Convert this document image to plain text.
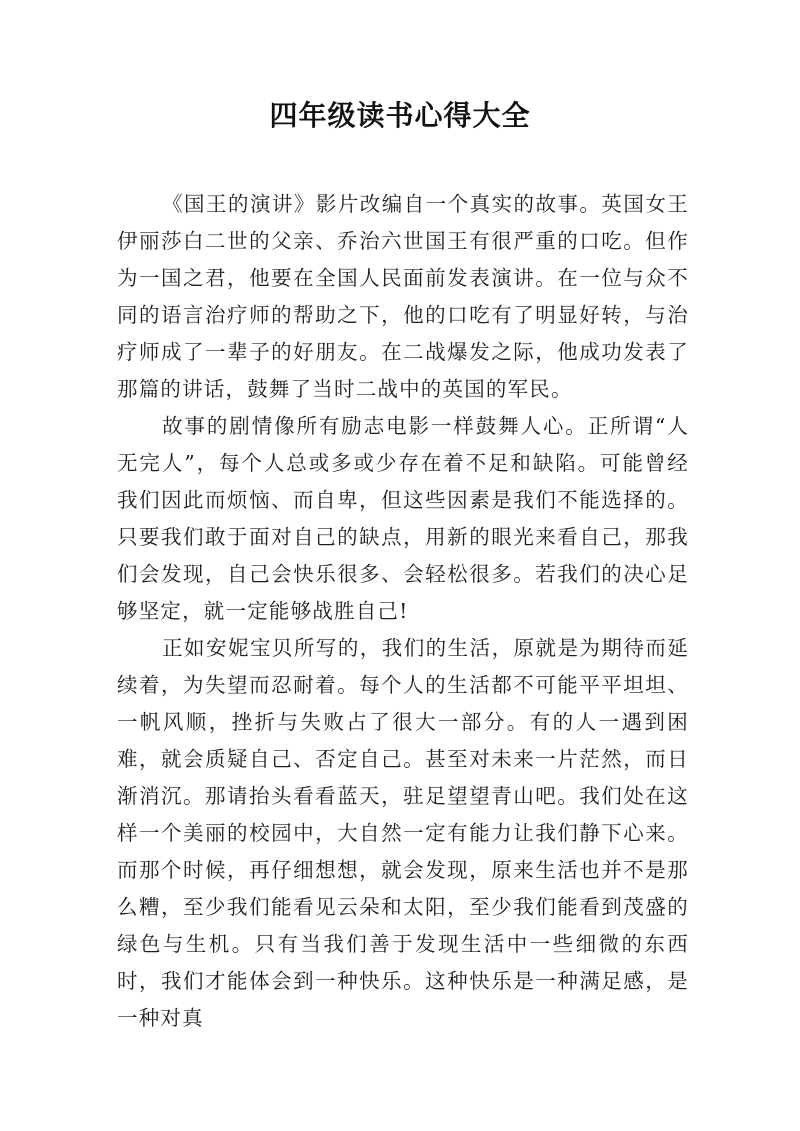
四年级读书心得大全

《国王的演讲》影片改编自一个真实的故事。英国女王伊丽莎白二世的父亲、乔治六世国王有很严重的口吃。但作为一国之君，他要在全国人民面前发表演讲。在一位与众不同的语言治疗师的帮助之下，他的口吃有了明显好转，与治疗师成了一辈子的好朋友。在二战爆发之际，他成功发表了那篇的讲话，鼓舞了当时二战中的英国的军民。

故事的剧情像所有励志电影一样鼓舞人心。正所谓“人无完人”，每个人总或多或少存在着不足和缺陷。可能曾经我们因此而烦恼、而自卑，但这些因素是我们不能选择的。只要我们敢于面对自己的缺点，用新的眼光来看自己，那我们会发现，自己会快乐很多、会轻松很多。若我们的决心足够坚定，就一定能够战胜自己!

正如安妮宝贝所写的，我们的生活，原就是为期待而延续着，为失望而忍耐着。每个人的生活都不可能平平坦坦、一帆风顺，挫折与失败占了很大一部分。有的人一遇到困难，就会质疑自己、否定自己。甚至对未来一片茫然，而日渐消沉。那请抬头看看蓝天，驻足望望青山吧。我们处在这样一个美丽的校园中，大自然一定有能力让我们静下心来。而那个时候，再仔细想想，就会发现，原来生活也并不是那么糟，至少我们能看见云朵和太阳，至少我们能看到茂盛的绿色与生机。只有当我们善于发现生活中一些细微的东西时，我们才能体会到一种快乐。这种快乐是一种满足感，是一种对真
